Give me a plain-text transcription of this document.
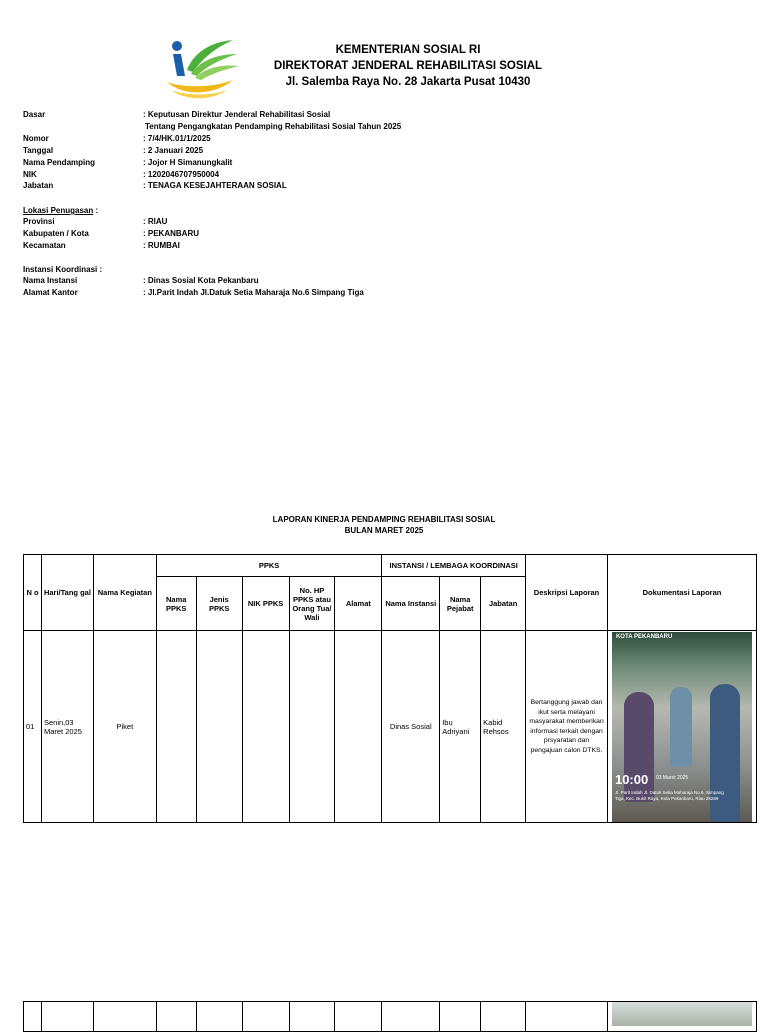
KEMENTERIAN SOSIAL RI
DIREKTORAT JENDERAL REHABILITASI SOSIAL
Jl. Salemba Raya No. 28 Jakarta Pusat 10430
Dasar	: Keputusan Direktur Jenderal Rehabilitasi Sosial
Tentang Pengangkatan Pendamping Rehabilitasi Sosial Tahun 2025
Nomor	: 7/4/HK.01/1/2025
Tanggal	: 2 Januari 2025
Nama Pendamping	: Jojor H Simanungkalit
NIK	: 1202046707950004
Jabatan	: TENAGA KESEJAHTERAAN SOSIAL
Lokasi Penugasan :
Provinsi	: RIAU
Kabupaten / Kota	: PEKANBARU
Kecamatan	: RUMBAI
Instansi Koordinasi :
Nama Instansi	: Dinas Sosial Kota Pekanbaru
Alamat Kantor	: Jl.Parit Indah Jl.Datuk Setia Maharaja No.6 Simpang Tiga
LAPORAN KINERJA PENDAMPING REHABILITASI SOSIAL
BULAN MARET 2025
N o	Hari/Tang gal	Nama Kegiatan	PPKS					INSTANSI / LEMBAGA KOORDINASI			Deskripsi Laporan	Dokumentasi Laporan
			Nama PPKS	Jenis PPKS	NIK PPKS	No. HP PPKS atau Orang Tua/ Wali	Alamat	Nama Instansi	Nama Pejabat	Jabatan		
01	Senin,03 Maret 2025	Piket						Dinas Sosial	Ibu Adriyani	Kabid Rehsos	Bertanggung jawab dan ikut serta melayani masyarakat memberikan informasi terkait dengan prsyaratan dan pengajuan calon DTKS.	KOTA PEKANBARU
10:00 03 Maret 2025
Jl. Parit Indah Jl. Datuk Setia Maharaja No.6, Simpang Tiga, Kec. Bukit Raya, Kota Pekanbaru, Riau 28289
